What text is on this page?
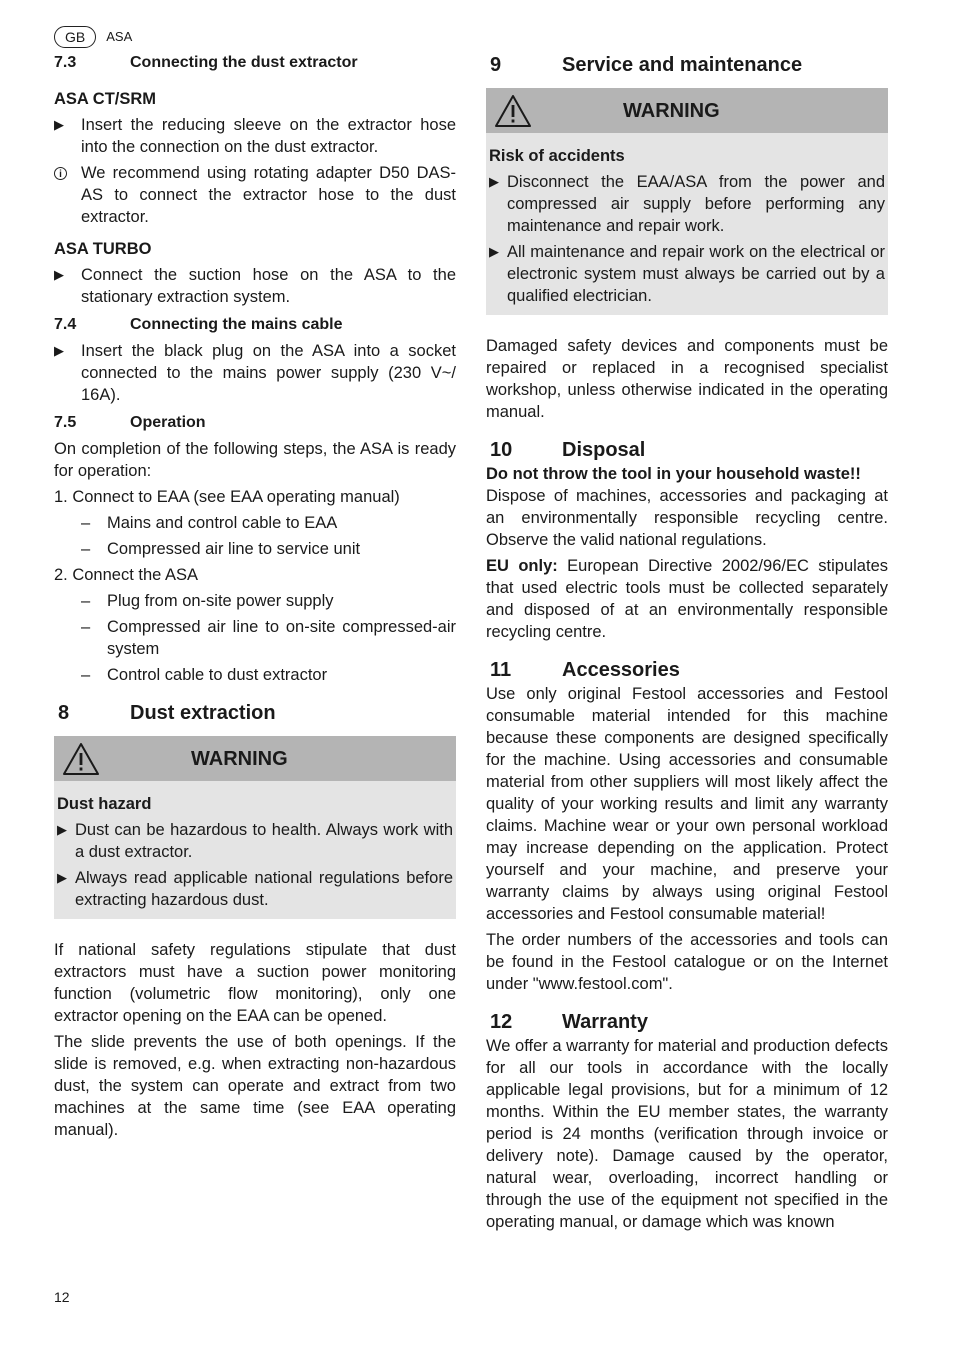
GB	ASA
7.3	Connecting the dust extractor
ASA CT/SRM
▶	Insert the reducing sleeve on the extractor hose into the connection on the dust extractor.
i	We recommend using rotating adapter D50 DAS-AS to connect the extractor hose to the dust extractor.
ASA TURBO
▶	Connect the suction hose on the ASA to the stationary extraction system.
7.4	Connecting the mains cable
▶	Insert the black plug on the ASA into a socket connected to the mains power supply (230 V~/ 16A).
7.5	Operation

On completion of the following steps, the ASA is ready for operation:

1. Connect to EAA (see EAA operating manual)
–	Mains and control cable to EAA
–	Compressed air line to service unit
2. Connect the ASA
–	Plug from on-site power supply
–	Compressed air line to on-site compressed-air system
–	Control cable to dust extractor
8	Dust extraction
WARNING
Dust hazard
▶ Dust can be hazardous to health. Always work with a dust extractor.
▶ Always read applicable national regulations before extracting hazardous dust.

If national safety regulations stipulate that dust extractors must have a suction power monitoring function (volumetric flow monitoring), only one extractor opening on the EAA can be opened.

The slide prevents the use of both openings. If the slide is removed, e.g. when extracting non-hazardous dust, the system can operate and extract from two machines at the same time (see EAA operating manual).

9	Service and maintenance
WARNING
Risk of accidents
▶ Disconnect the EAA/ASA from the power and compressed air supply before performing any maintenance and repair work.
▶ All maintenance and repair work on the electrical or electronic system must always be carried out by a qualified electrician.

Damaged safety devices and components must be repaired or replaced in a recognised specialist workshop, unless otherwise indicated in the operating manual.

10	Disposal
Do not throw the tool in your household waste!!

Dispose of machines, accessories and packaging at an environmentally responsible recycling centre. Observe the valid national regulations.

EU only: European Directive 2002/96/EC stipulates that used electric tools must be collected separately and disposed of at an environmentally responsible recycling centre.

11	Accessories

Use only original Festool accessories and Festool consumable material intended for this machine because these components are designed specifically for the machine. Using accessories and consumable material from other suppliers will most likely affect the quality of your working results and limit any warranty claims. Machine wear or your own personal workload may increase depending on the application. Protect yourself and your machine, and preserve your warranty claims by always using original Festool accessories and Festool consumable material!

The order numbers of the accessories and tools can be found in the Festool catalogue or on the Internet under "www.festool.com".

12	Warranty

We offer a warranty for material and production defects for all our tools in accordance with the locally applicable legal provisions, but for a minimum of 12 months. Within the EU member states, the warranty period is 24 months (verification through invoice or delivery note). Damage caused by the operator, natural wear, overloading, incorrect handling or through the use of the equipment not specified in the operating manual, or damage which was known

12
